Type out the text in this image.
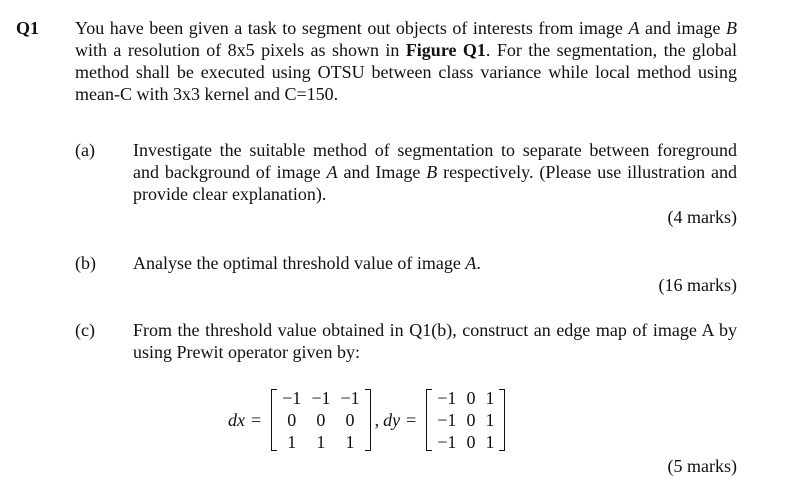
Q1 You have been given a task to segment out objects of interests from image A and image B with a resolution of 8x5 pixels as shown in Figure Q1. For the segmentation, the global method shall be executed using OTSU between class variance while local method using mean-C with 3x3 kernel and C=150.
(a) Investigate the suitable method of segmentation to separate between foreground and background of image A and Image B respectively. (Please use illustration and provide clear explanation).
(4 marks)
(b) Analyse the optimal threshold value of image A.
(16 marks)
(c) From the threshold value obtained in Q1(b), construct an edge map of image A by using Prewit operator given by:
dx =
−1	−1	−1
0	0	0
1	1	1
, dy =
−1	0	1
−1	0	1
−1	0	1
(5 marks)
